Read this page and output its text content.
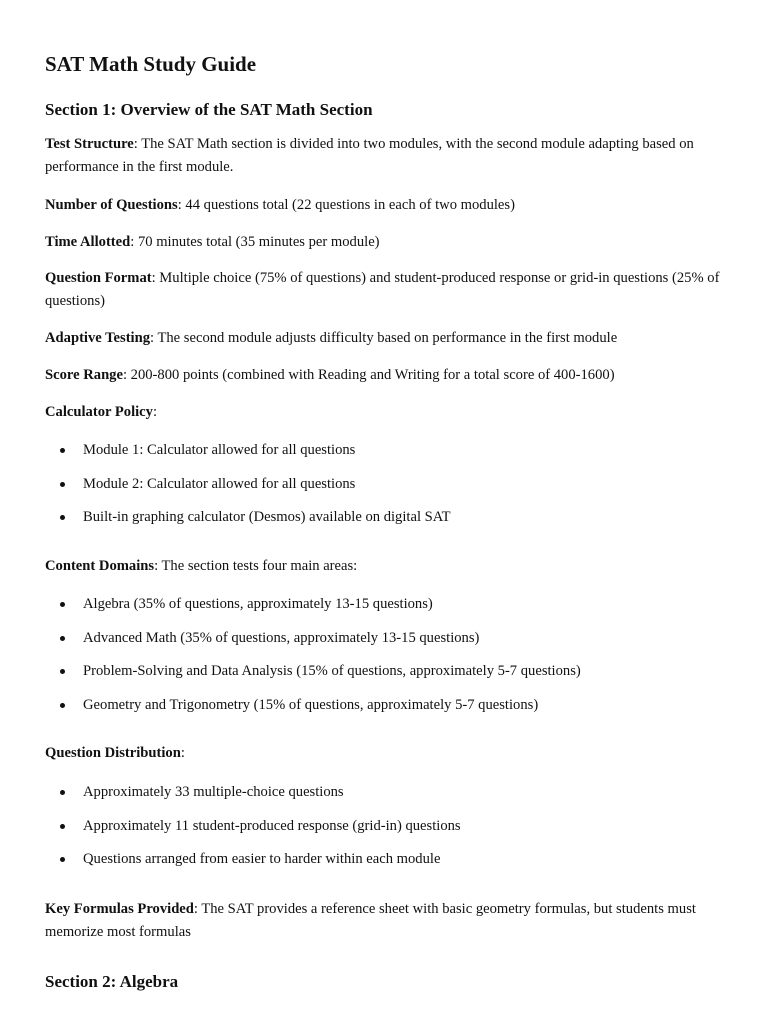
SAT Math Study Guide
Section 1: Overview of the SAT Math Section

Test Structure: The SAT Math section is divided into two modules, with the second module adapting based on performance in the first module.

Number of Questions: 44 questions total (22 questions in each of two modules)

Time Allotted: 70 minutes total (35 minutes per module)

Question Format: Multiple choice (75% of questions) and student-produced response or grid-in questions (25% of questions)

Adaptive Testing: The second module adjusts difficulty based on performance in the first module

Score Range: 200-800 points (combined with Reading and Writing for a total score of 400-1600)

Calculator Policy:

Module 1: Calculator allowed for all questions
Module 2: Calculator allowed for all questions
Built-in graphing calculator (Desmos) available on digital SAT

Content Domains: The section tests four main areas:

Algebra (35% of questions, approximately 13-15 questions)
Advanced Math (35% of questions, approximately 13-15 questions)
Problem-Solving and Data Analysis (15% of questions, approximately 5-7 questions)
Geometry and Trigonometry (15% of questions, approximately 5-7 questions)

Question Distribution:

Approximately 33 multiple-choice questions
Approximately 11 student-produced response (grid-in) questions
Questions arranged from easier to harder within each module

Key Formulas Provided: The SAT provides a reference sheet with basic geometry formulas, but students must memorize most formulas

Section 2: Algebra
